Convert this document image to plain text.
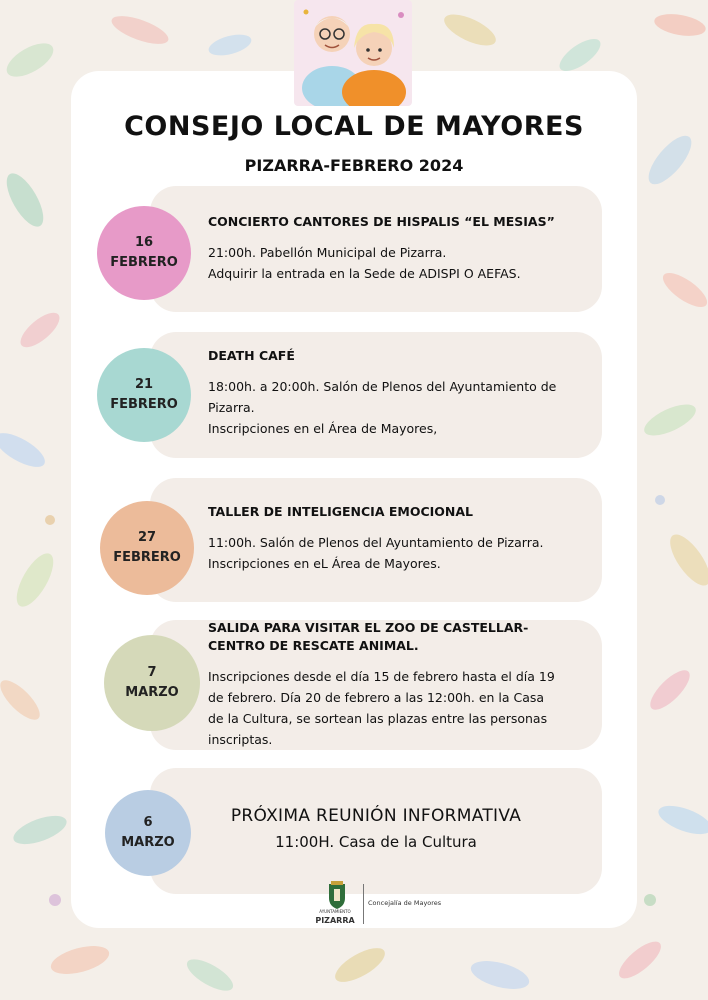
CONSEJO LOCAL DE MAYORES
PIZARRA-FEBRERO 2024
CONCIERTO CANTORES DE HISPALIS “EL MESIAS”
21:00h. Pabellón Municipal de Pizarra.
Adquirir la entrada en la Sede de ADISPI O AEFAS.
16
FEBRERO
DEATH CAFÉ
18:00h. a 20:00h. Salón de Plenos del Ayuntamiento de
Pizarra.
Inscripciones en el Área de Mayores,
21
FEBRERO
TALLER DE INTELIGENCIA EMOCIONAL
11:00h. Salón de Plenos del Ayuntamiento de Pizarra.
Inscripciones en eL Área de Mayores.
27
FEBRERO
SALIDA PARA VISITAR EL ZOO DE CASTELLAR-
CENTRO DE RESCATE ANIMAL.
Inscripciones desde el día 15 de febrero hasta el día 19
de febrero. Día 20 de febrero a las 12:00h. en la Casa
de la Cultura, se sortean las plazas entre las personas
inscriptas.
7
MARZO
PRÓXIMA REUNIÓN INFORMATIVA
11:00H. Casa de la Cultura
6
MARZO
AYUNTAMIENTO
PIZARRA
Concejalía de Mayores
